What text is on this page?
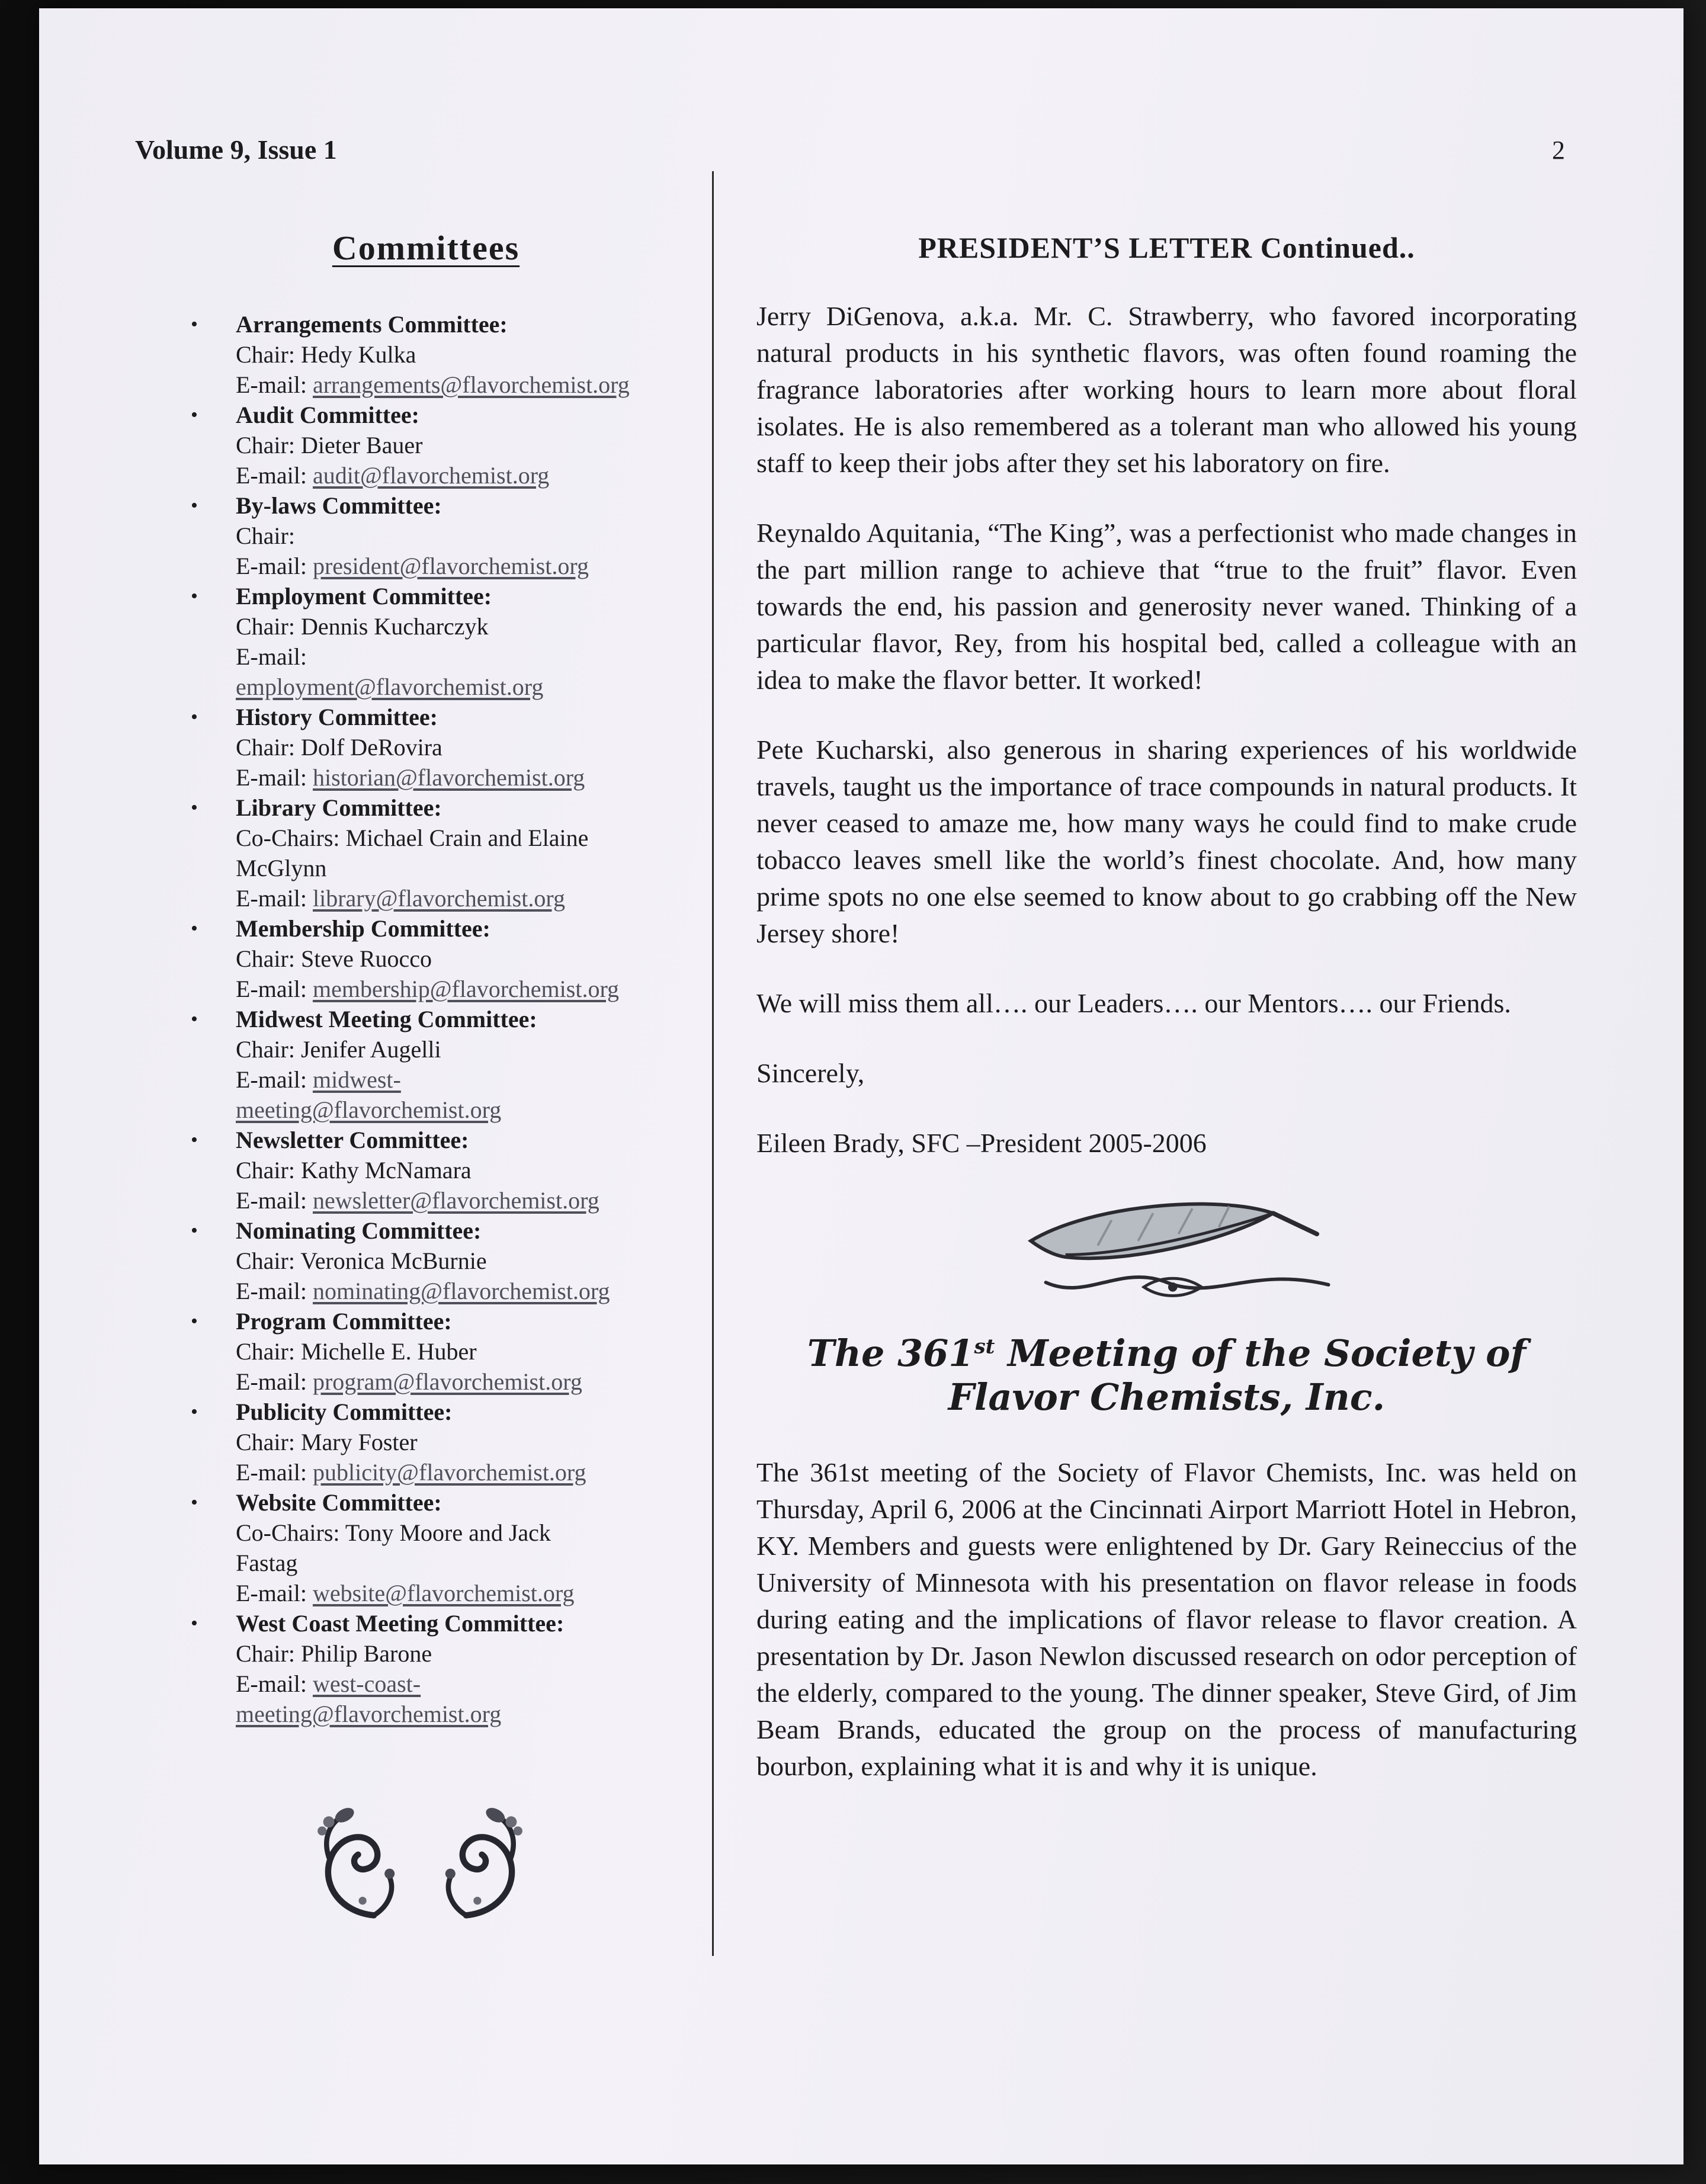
Volume 9, Issue 1	2
Committees
•	Arrangements Committee:
Chair: Hedy Kulka
E-mail: arrangements@flavorchemist.org
•	Audit Committee:
Chair: Dieter Bauer
E-mail: audit@flavorchemist.org
•	By-laws Committee:
Chair:
E-mail: president@flavorchemist.org
•	Employment Committee:
Chair: Dennis Kucharczyk
E-mail:
employment@flavorchemist.org
•	History Committee:
Chair: Dolf DeRovira
E-mail: historian@flavorchemist.org
•	Library Committee:
Co-Chairs: Michael Crain and Elaine
McGlynn
E-mail: library@flavorchemist.org
•	Membership Committee:
Chair: Steve Ruocco
E-mail: membership@flavorchemist.org
•	Midwest Meeting Committee:
Chair: Jenifer Augelli
E-mail: midwest-
meeting@flavorchemist.org
•	Newsletter Committee:
Chair: Kathy McNamara
E-mail: newsletter@flavorchemist.org
•	Nominating Committee:
Chair: Veronica McBurnie
E-mail: nominating@flavorchemist.org
•	Program Committee:
Chair: Michelle E. Huber
E-mail: program@flavorchemist.org
•	Publicity Committee:
Chair: Mary Foster
E-mail: publicity@flavorchemist.org
•	Website Committee:
Co-Chairs: Tony Moore and Jack
Fastag
E-mail: website@flavorchemist.org
•	West Coast Meeting Committee:
Chair: Philip Barone
E-mail: west-coast-
meeting@flavorchemist.org
PRESIDENT’S LETTER Continued..

Jerry DiGenova, a.k.a. Mr. C. Strawberry, who favored incorporating natural products in his synthetic flavors, was often found roaming the fragrance laboratories after working hours to learn more about floral isolates. He is also remembered as a tolerant man who allowed his young staff to keep their jobs after they set his laboratory on fire.

Reynaldo Aquitania, “The King”, was a perfectionist who made changes in the part million range to achieve that “true to the fruit” flavor. Even towards the end, his passion and generosity never waned. Thinking of a particular flavor, Rey, from his hospital bed, called a colleague with an idea to make the flavor better. It worked!

Pete Kucharski, also generous in sharing experiences of his worldwide travels, taught us the importance of trace compounds in natural products. It never ceased to amaze me, how many ways he could find to make crude tobacco leaves smell like the world’s finest chocolate. And, how many prime spots no one else seemed to know about to go crabbing off the New Jersey shore!

We will miss them all…. our Leaders…. our Mentors…. our Friends.

Sincerely,

Eileen Brady, SFC –President 2005-2006

The 361st Meeting of the Society of Flavor Chemists, Inc.

The 361st meeting of the Society of Flavor Chemists, Inc. was held on Thursday, April 6, 2006 at the Cincinnati Airport Marriott Hotel in Hebron, KY. Members and guests were enlightened by Dr. Gary Reineccius of the University of Minnesota with his presentation on flavor release in foods during eating and the implications of flavor release to flavor creation. A presentation by Dr. Jason Newlon discussed research on odor perception of the elderly, compared to the young. The dinner speaker, Steve Gird, of Jim Beam Brands, educated the group on the process of manufacturing bourbon, explaining what it is and why it is unique.
